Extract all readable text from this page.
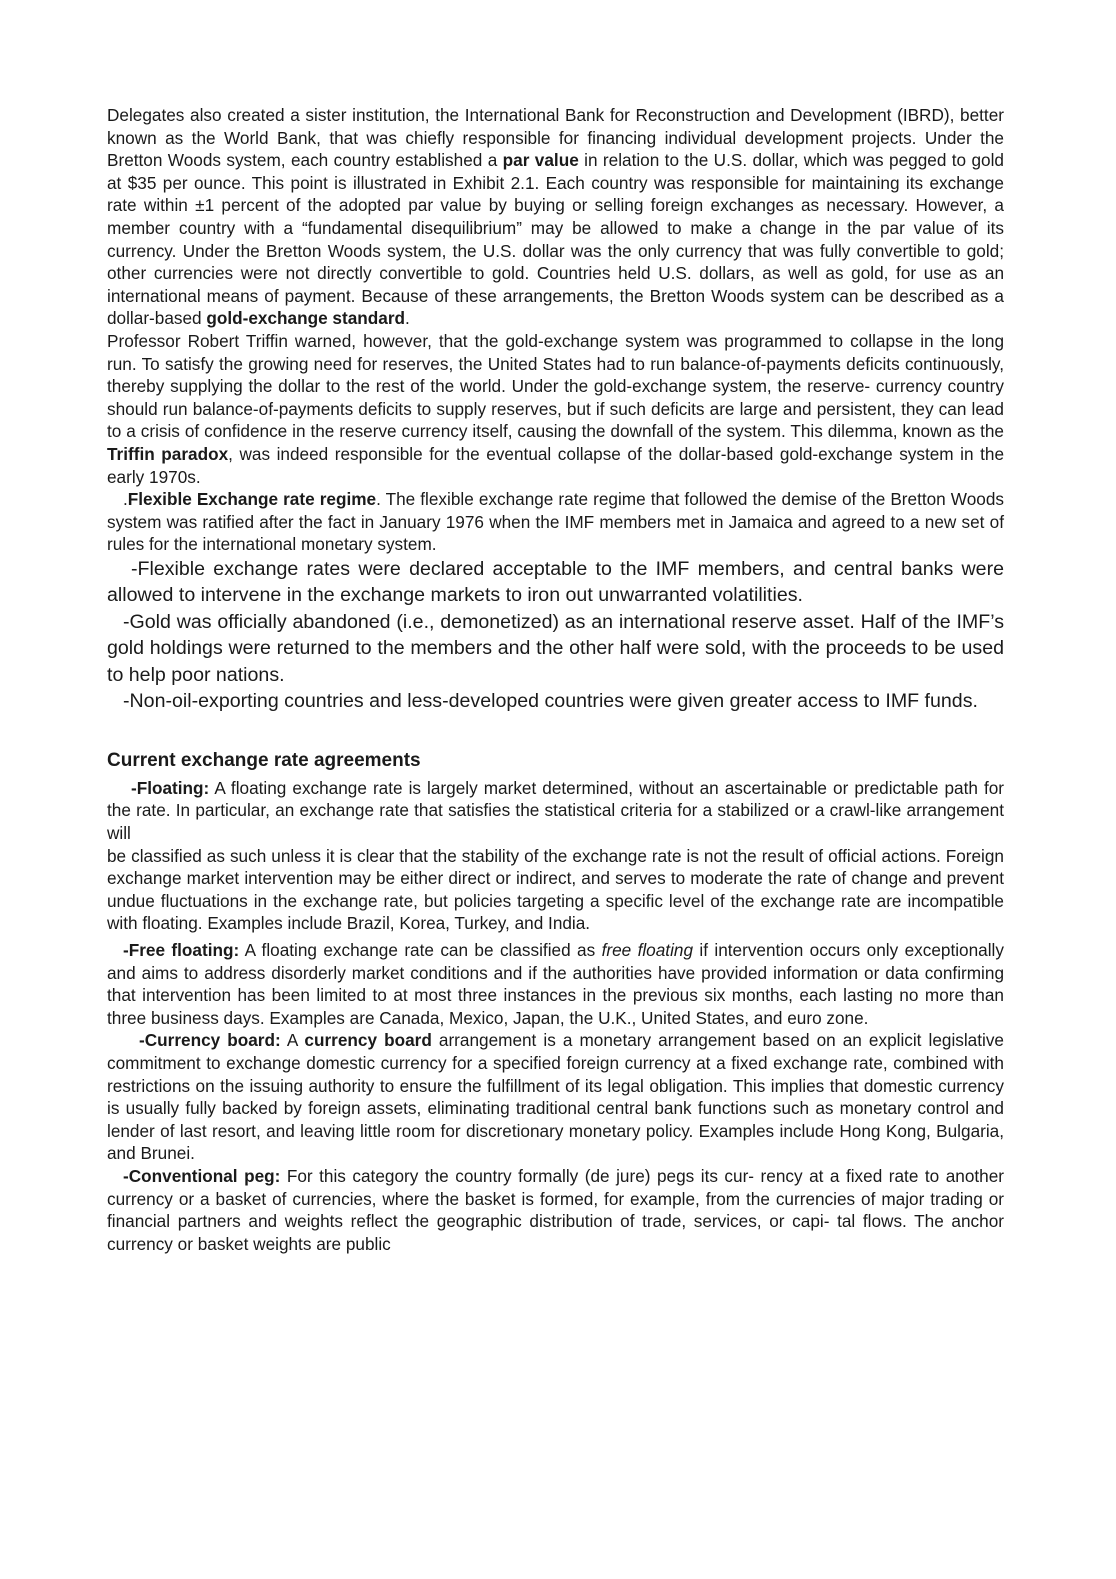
Delegates also created a sister institution, the International Bank for Reconstruction and Development (IBRD), better known as the World Bank, that was chiefly responsible for financing individual development projects. Under the Bretton Woods system, each country established a par value in relation to the U.S. dollar, which was pegged to gold at $35 per ounce. This point is illustrated in Exhibit 2.1. Each country was responsible for maintaining its exchange rate within ±1 percent of the adopted par value by buying or selling foreign exchanges as necessary. However, a member country with a “fundamental disequilibrium” may be allowed to make a change in the par value of its currency. Under the Bretton Woods system, the U.S. dollar was the only currency that was fully convertible to gold; other currencies were not directly convertible to gold. Countries held U.S. dollars, as well as gold, for use as an international means of payment. Because of these arrangements, the Bretton Woods system can be described as a dollar-based gold-exchange standard.

Professor Robert Triffin warned, however, that the gold-exchange system was programmed to collapse in the long run. To satisfy the growing need for reserves, the United States had to run balance-of-payments deficits continuously, thereby supplying the dollar to the rest of the world. Under the gold-exchange system, the reserve- currency country should run balance-of-payments deficits to supply reserves, but if such deficits are large and persistent, they can lead to a crisis of confidence in the reserve currency itself, causing the downfall of the system. This dilemma, known as the Triffin paradox, was indeed responsible for the eventual collapse of the dollar-based gold-exchange system in the early 1970s.

.Flexible Exchange rate regime. The flexible exchange rate regime that followed the demise of the Bretton Woods system was ratified after the fact in January 1976 when the IMF members met in Jamaica and agreed to a new set of rules for the international monetary system.

-Flexible exchange rates were declared acceptable to the IMF members, and central banks were allowed to intervene in the exchange markets to iron out unwarranted volatilities.

-Gold was officially abandoned (i.e., demonetized) as an international reserve asset. Half of the IMF’s gold holdings were returned to the members and the other half were sold, with the proceeds to be used to help poor nations.

-Non-oil-exporting countries and less-developed countries were given greater access to IMF funds.

Current exchange rate agreements

-Floating: A floating exchange rate is largely market determined, without an ascertainable or predictable path for the rate. In particular, an exchange rate that satisfies the statistical criteria for a stabilized or a crawl-like arrangement will

be classified as such unless it is clear that the stability of the exchange rate is not the result of official actions. Foreign exchange market intervention may be either direct or indirect, and serves to moderate the rate of change and prevent undue fluctuations in the exchange rate, but policies targeting a specific level of the exchange rate are incompatible with floating. Examples include Brazil, Korea, Turkey, and India.

-Free floating: A floating exchange rate can be classified as free floating if intervention occurs only exceptionally and aims to address disorderly market conditions and if the authorities have provided information or data confirming that intervention has been limited to at most three instances in the previous six months, each lasting no more than three business days. Examples are Canada, Mexico, Japan, the U.K., United States, and euro zone.

-Currency board: A currency board arrangement is a monetary arrangement based on an explicit legislative commitment to exchange domestic currency for a specified foreign currency at a fixed exchange rate, combined with restrictions on the issuing authority to ensure the fulfillment of its legal obligation. This implies that domestic currency is usually fully backed by foreign assets, eliminating traditional central bank functions such as monetary control and lender of last resort, and leaving little room for discretionary monetary policy. Examples include Hong Kong, Bulgaria, and Brunei.

-Conventional peg: For this category the country formally (de jure) pegs its cur- rency at a fixed rate to another currency or a basket of currencies, where the basket is formed, for example, from the currencies of major trading or financial partners and weights reflect the geographic distribution of trade, services, or capi- tal flows. The anchor currency or basket weights are public
